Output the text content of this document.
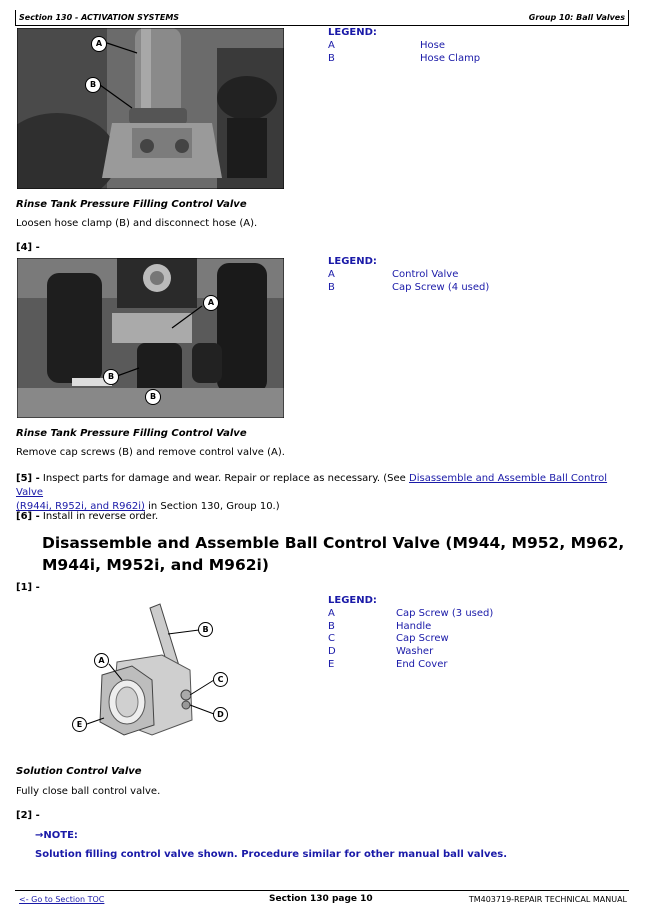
Section 130 - ACTIVATION SYSTEMS	Group 10: Ball Valves
A
B
LEGEND:
A	Hose
B	Hose Clamp
Rinse Tank Pressure Filling Control Valve
Loosen hose clamp (B) and disconnect hose (A).
[4] -
A
B
B
LEGEND:
A	Control Valve
B	Cap Screw (4 used)
Rinse Tank Pressure Filling Control Valve
Remove cap screws (B) and remove control valve (A).
[5] - Inspect parts for damage and wear. Repair or replace as necessary. (See Disassemble and Assemble Ball Control Valve
(R944i, R952i, and R962i) in Section 130, Group 10.)
[6] - Install in reverse order.
Disassemble and Assemble Ball Control Valve (M944, M952, M962,
M944i, M952i, and M962i)
[1] -
A
B
C
D
E
LEGEND:
A	Cap Screw (3 used)
B	Handle
C	Cap Screw
D	Washer
E	End Cover
Solution Control Valve
Fully close ball control valve.
[2] -
→NOTE:
Solution filling control valve shown. Procedure similar for other manual ball valves.
<- Go to Section TOC	Section 130 page 10	TM403719-REPAIR TECHNICAL MANUAL
